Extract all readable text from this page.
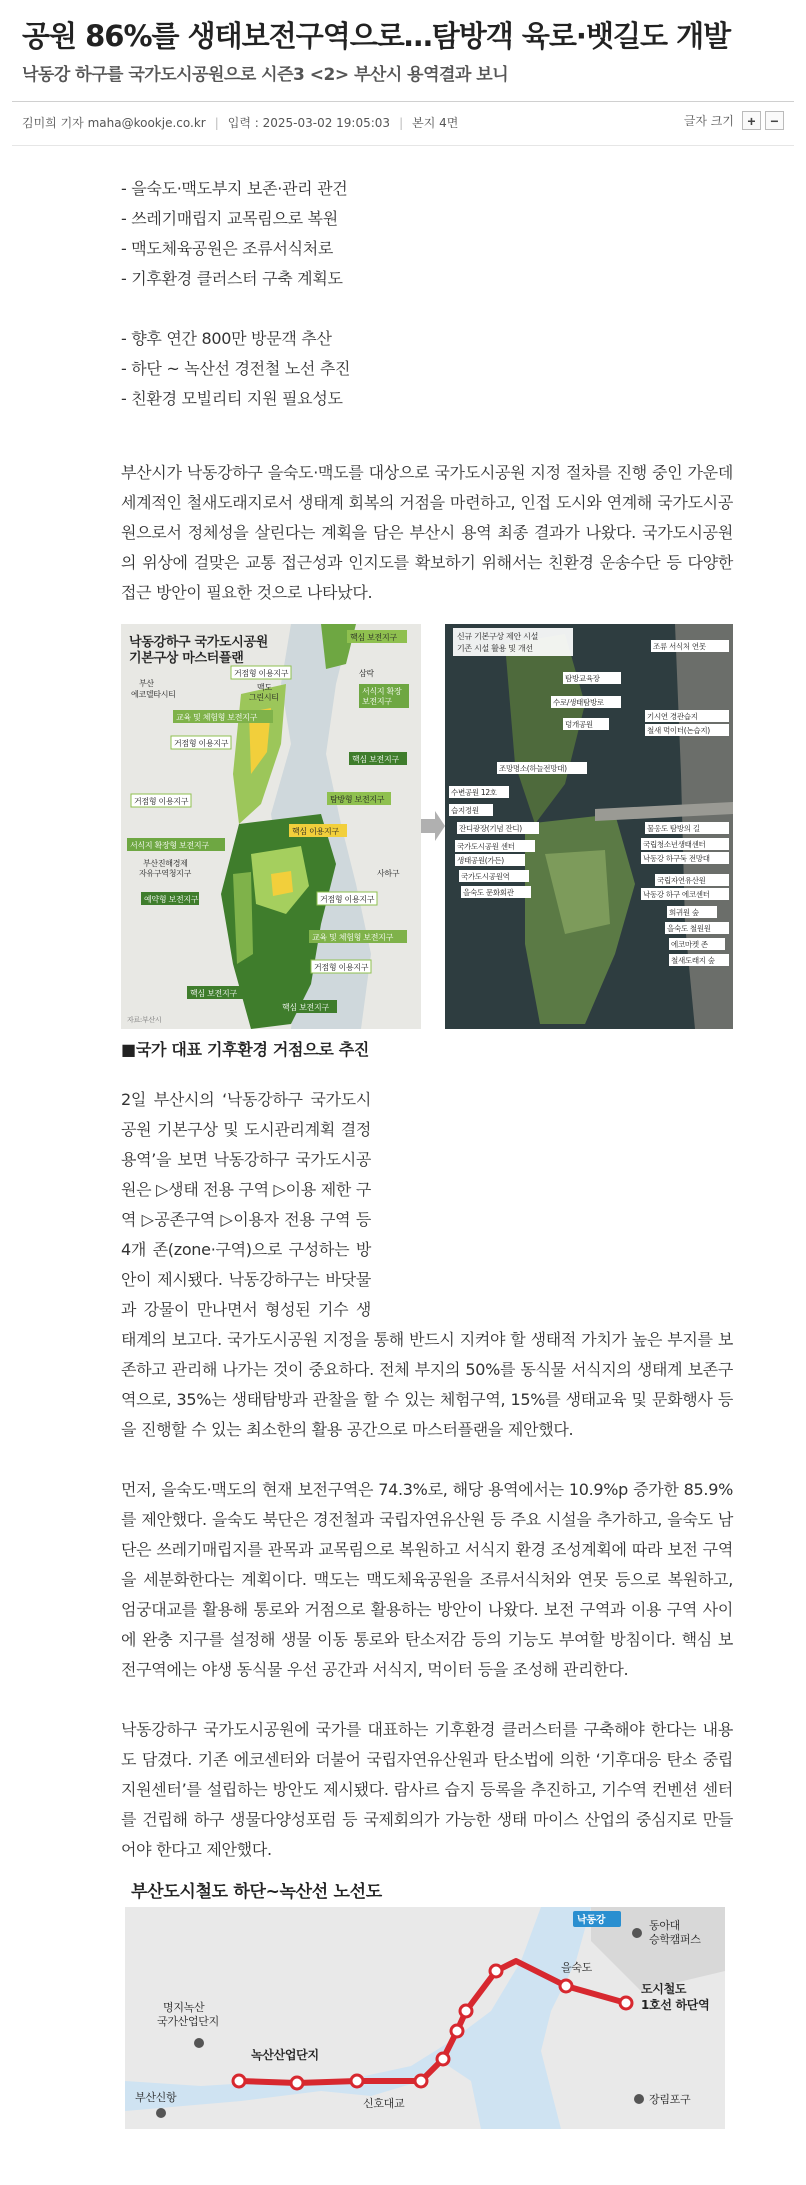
공원 86%를 생태보전구역으로…탐방객 육로·뱃길도 개발
낙동강 하구를 국가도시공원으로 시즌3 <2> 부산시 용역결과 보니
김미희 기자 maha@kookje.co.kr | 입력 : 2025-03-02 19:05:03 | 본지 4면	글자 크기 +	−
- 을숙도·맥도부지 보존·관리 관건
- 쓰레기매립지 교목림으로 복원
- 맥도체육공원은 조류서식처로
- 기후환경 클러스터 구축 계획도
- 향후 연간 800만 방문객 추산
- 하단 ~ 녹산선 경전철 노선 추진
- 친환경 모빌리티 지원 필요성도

부산시가 낙동강하구 을숙도·맥도를 대상으로 국가도시공원 지정 절차를 진행 중인 가운데 세계적인 철새도래지로서 생태계 회복의 거점을 마련하고, 인접 도시와 연계해 국가도시공원으로서 정체성을 살린다는 계획을 담은 부산시 용역 최종 결과가 나왔다. 국가도시공원의 위상에 걸맞은 교통 접근성과 인지도를 확보하기 위해서는 친환경 운송수단 등 다양한 접근 방안이 필요한 것으로 나타났다.

낙동강하구 국가도시공원
기본구상 마스터플랜
핵심 보전지구
삼락
거점형 이용지구
서식지 확장
보전지구
부산
에코델타시티
맥도
그린시티
교육 및 체험형 보전지구
거점형 이용지구
핵심 보전지구
탐방형 보전지구
거점형 이용지구
핵심 이용지구
서식지 확장형 보전지구
부산진해경제
자유구역청지구	사하구
예약형 보전지구	거점형 이용지구
교육 및 체험형 보전지구
거점형 이용지구
핵심 보전지구
핵심 보전지구
자료:부산시
신규 기본구상 제안 시설
기존 시설 활용 및 개선	조류 서식처 연못
탐방교육장
수로/생태탐방로
덩개공원
기시연 경관습지
철새 먹이터(논습지)
조망명소(하늘전망대)
수변공원 12호
습지정원
잔디광장(기념 잔디)
국가도시공원 센터
생태공원(가든)
국가도시공원역
을숙도 문화회관
물옹도 탐방의 길
국립청소년생태센터
낙동강 하구둑 전망대
국립자연유산원
낙동강 하구 에코센터
희귀원 숲
을숙도 철원원
에코마켓 존
철새도래지 숲
■국가 대표 기후환경 거점으로 추진

2일 부산시의 ‘낙동강하구 국가도시공원 기본구상 및 도시관리계획 결정 용역’을 보면 낙동강하구 국가도시공원은 ▷생태 전용 구역 ▷이용 제한 구역 ▷공존구역 ▷이용자 전용 구역 등 4개 존(zone·구역)으로 구성하는 방안이 제시됐다. 낙동강하구는 바닷물과 강물이 만나면서 형성된 기수 생태계의 보고다. 국가도시공원 지정을 통해 반드시 지켜야 할 생태적 가치가 높은 부지를 보존하고 관리해 나가는 것이 중요하다. 전체 부지의 50%를 동식물 서식지의 생태계 보존구역으로, 35%는 생태탐방과 관찰을 할 수 있는 체험구역, 15%를 생태교육 및 문화행사 등을 진행할 수 있는 최소한의 활용 공간으로 마스터플랜을 제안했다.

먼저, 을숙도·맥도의 현재 보전구역은 74.3%로, 해당 용역에서는 10.9%p 증가한 85.9%를 제안했다. 을숙도 북단은 경전철과 국립자연유산원 등 주요 시설을 추가하고, 을숙도 남단은 쓰레기매립지를 관목과 교목림으로 복원하고 서식지 환경 조성계획에 따라 보전 구역을 세분화한다는 계획이다. 맥도는 맥도체육공원을 조류서식처와 연못 등으로 복원하고, 엄궁대교를 활용해 통로와 거점으로 활용하는 방안이 나왔다. 보전 구역과 이용 구역 사이에 완충 지구를 설정해 생물 이동 통로와 탄소저감 등의 기능도 부여할 방침이다. 핵심 보전구역에는 야생 동식물 우선 공간과 서식지, 먹이터 등을 조성해 관리한다.

낙동강하구 국가도시공원에 국가를 대표하는 기후환경 클러스터를 구축해야 한다는 내용도 담겼다. 기존 에코센터와 더불어 국립자연유산원과 탄소법에 의한 ‘기후대응 탄소 중립지원센터’를 설립하는 방안도 제시됐다. 람사르 습지 등록을 추진하고, 기수역 컨벤션 센터를 건립해 하구 생물다양성포럼 등 국제회의가 가능한 생태 마이스 산업의 중심지로 만들어야 한다고 제안했다.

부산도시철도 하단~녹산선 노선도
낙동강	동아대
승학캠퍼스
을숙도
도시철도
1호선 하단역
명지녹산
국가산업단지
녹산산업단지
부산신항	신호대교	장림포구
